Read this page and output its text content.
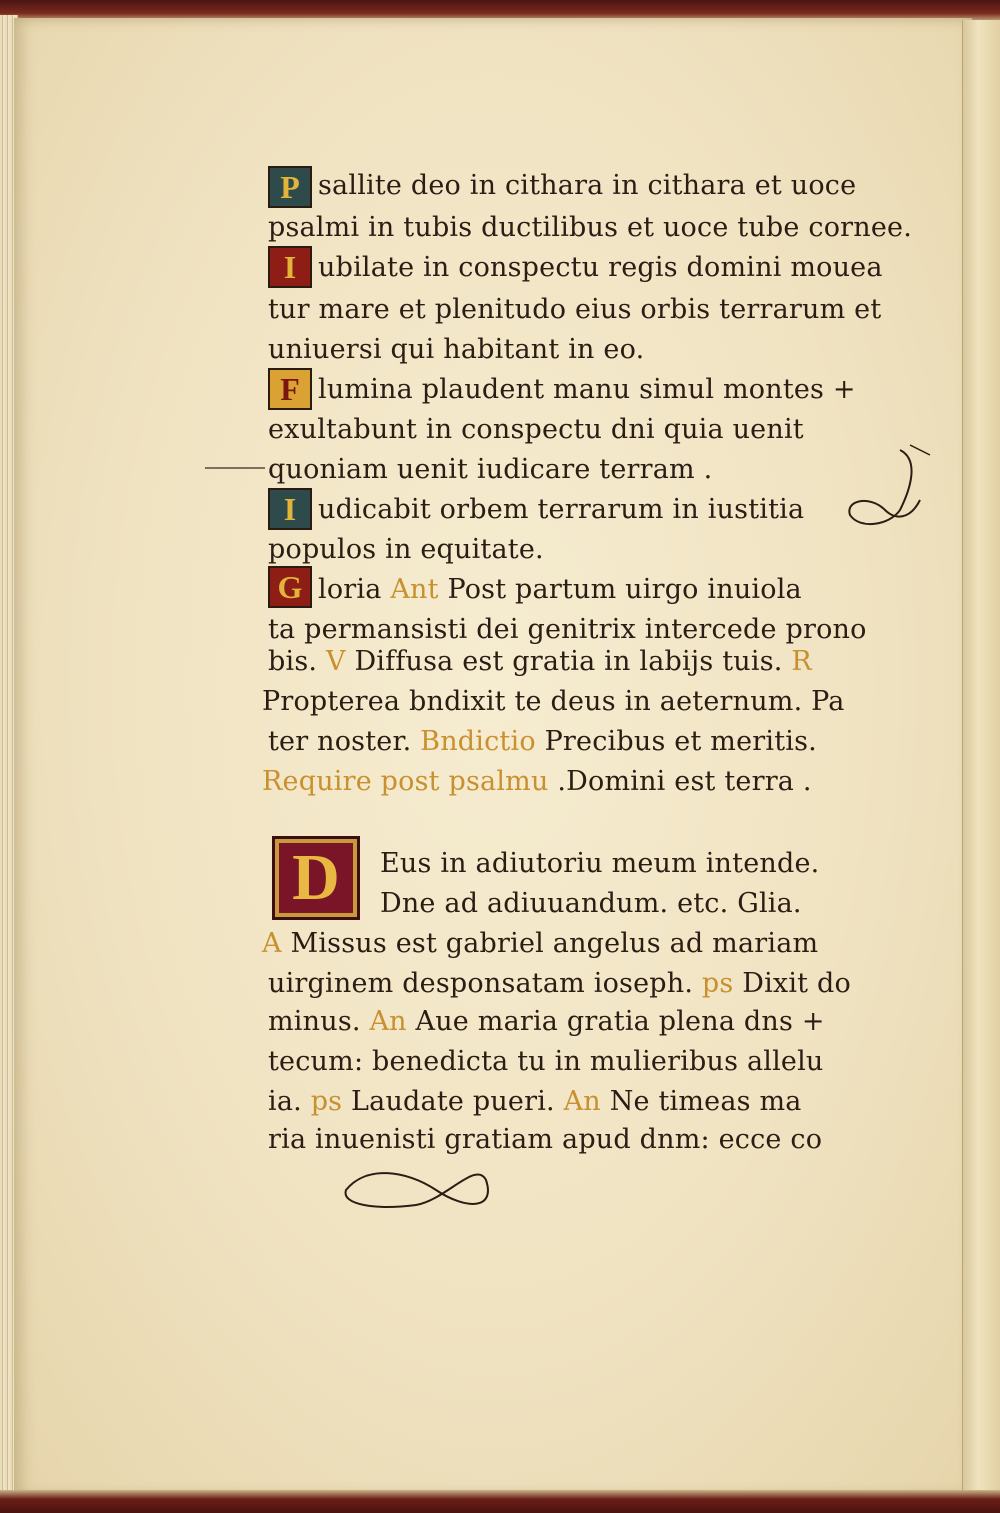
P
I
F
I
G
D
sallite deo in cithara in cithara et uoce
psalmi in tubis ductilibus et uoce tube cornee.
ubilate in conspectu regis domini moueа
tur mare et plenitudo eius orbis terrarum et
uniuersi qui habitant in eo.
lumina plaudent manu simul montes +
exultabunt in conspectu dni quia uenit
quoniam uenit iudicare terram .
udicabit orbem terrarum in iustitia
populos in equitate.
loria Ant Post partum uirgo inuiola
ta permansisti dei genitrix intercede prono
bis. V Diffusa est gratia in labijs tuis. R
Propterea bndixit te deus in aeternum. Pa
ter noster. Bndictio Precibus et meritis.
Require post psalmu .Domini est terra .
Eus in adiutoriu meum intende.
Dne ad adiuuandum. etc. Glia.
A Missus est gabriel angelus ad mariam
uirginem desponsatam ioseph. ps Dixit do
minus. An Aue maria gratia plena dns +
tecum: benedicta tu in mulieribus allelu
ia. ps Laudate pueri. An Ne timeas ma
ria inuenisti gratiam apud dnm: ecce co
